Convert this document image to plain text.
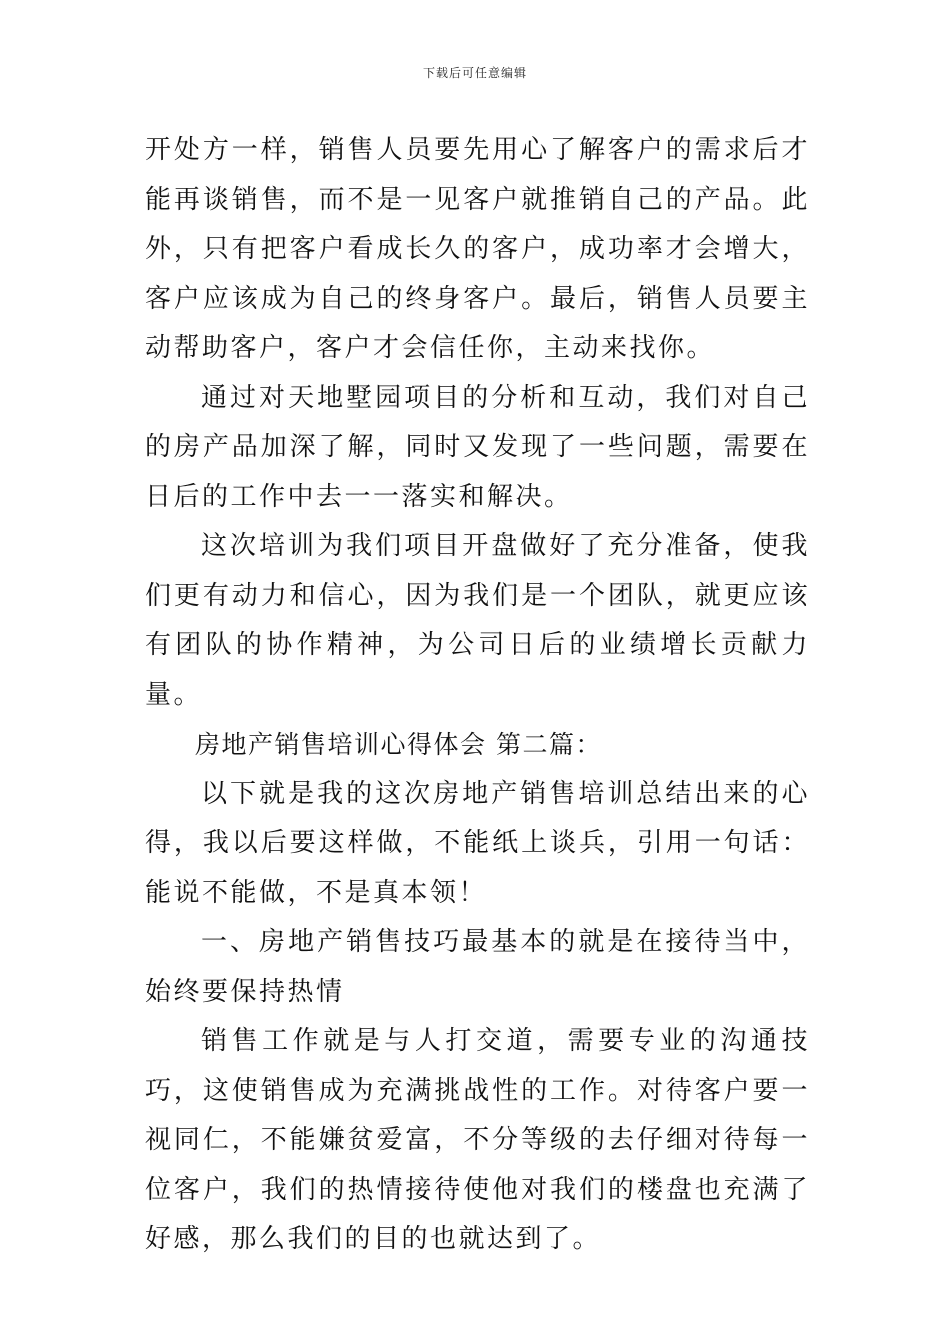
下载后可任意编辑

开处方一样，销售人员要先用心了解客户的需求后才能再谈销售，而不是一见客户就推销自己的产品。此外，只有把客户看成长久的客户，成功率才会增大，客户应该成为自己的终身客户。最后，销售人员要主动帮助客户，客户才会信任你，主动来找你。

通过对天地墅园项目的分析和互动，我们对自己的房产品加深了解，同时又发现了一些问题，需要在日后的工作中去一一落实和解决。

这次培训为我们项目开盘做好了充分准备，使我们更有动力和信心，因为我们是一个团队，就更应该有团队的协作精神，为公司日后的业绩增长贡献力量。

房地产销售培训心得体会 第二篇：

以下就是我的这次房地产销售培训总结出来的心得，我以后要这样做，不能纸上谈兵，引用一句话：能说不能做，不是真本领！

一、房地产销售技巧最基本的就是在接待当中，始终要保持热情

销售工作就是与人打交道，需要专业的沟通技巧，这使销售成为充满挑战性的工作。对待客户要一视同仁，不能嫌贫爱富，不分等级的去仔细对待每一位客户，我们的热情接待使他对我们的楼盘也充满了好感，那么我们的目的也就达到了。
